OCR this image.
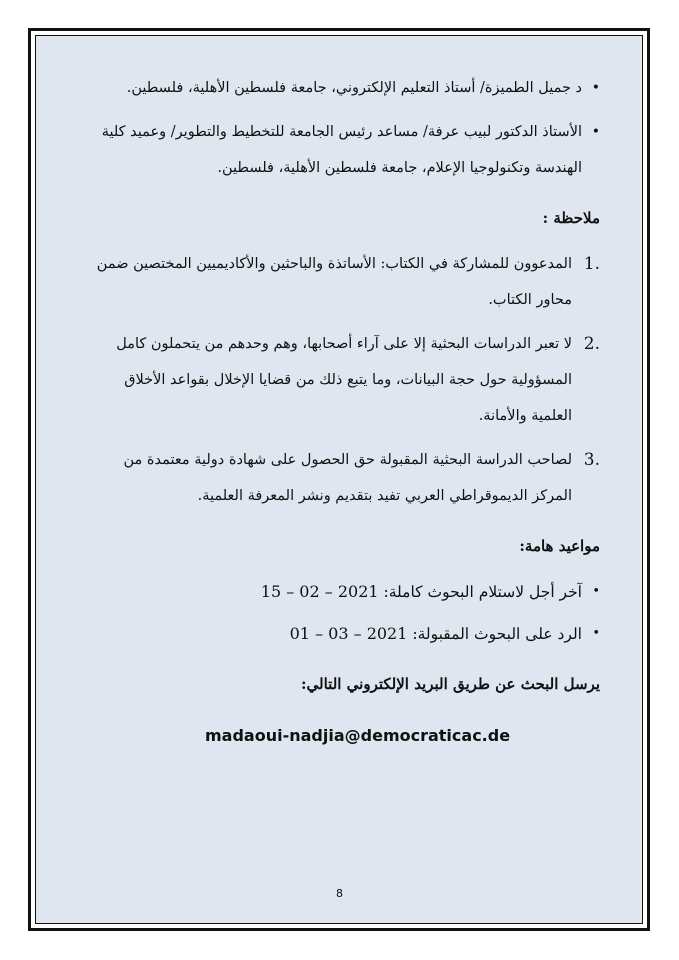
• د جميل الطميزة/ أستاذ التعليم الإلكتروني، جامعة فلسطين الأهلية، فلسطين.
• الأستاذ الدكتور لبيب عرفة/ مساعد رئيس الجامعة للتخطيط والتطوير/ وعميد كلية الهندسة وتكنولوجيا الإعلام، جامعة فلسطين الأهلية، فلسطين.
ملاحظة :
1.
المدعوون للمشاركة في الكتاب: الأساتذة والباحثين والأكاديميين المختصين ضمن محاور الكتاب.
2.
لا تعبر الدراسات البحثية إلا على آراء أصحابها، وهم وحدهم من يتحملون كامل المسؤولية حول حجة البيانات، وما يتبع ذلك من قضايا الإخلال بقواعد الأخلاق العلمية والأمانة.
3.
لصاحب الدراسة البحثية المقبولة حق الحصول على شهادة دولية معتمدة من المركز الديموقراطي العربي تفيد بتقديم ونشر المعرفة العلمية.
مواعيد هامة:
• آخر أجل لاستلام البحوث كاملة: 15 – 02 – 2021
• الرد على البحوث المقبولة: 01 – 03 – 2021
يرسل البحث عن طريق البريد الإلكتروني التالي:
madaoui-nadjia@democraticac.de
8
